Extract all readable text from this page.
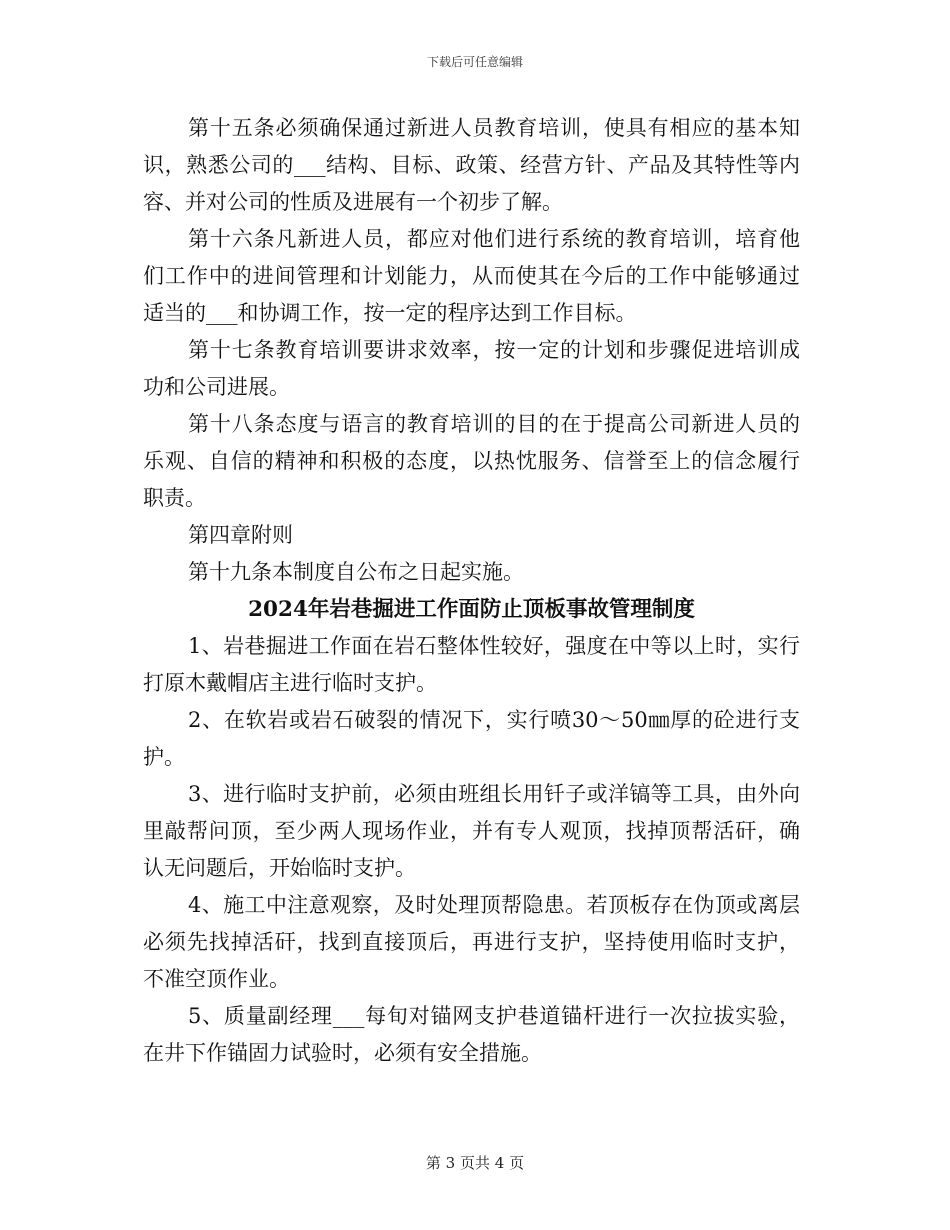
下载后可任意编辑
第十五条必须确保通过新进人员教育培训，使具有相应的基本知
识，熟悉公司的___结构、目标、政策、经营方针、产品及其特性等内
容、并对公司的性质及进展有一个初步了解。
第十六条凡新进人员，都应对他们进行系统的教育培训，培育他
们工作中的进间管理和计划能力，从而使其在今后的工作中能够通过
适当的___和协调工作，按一定的程序达到工作目标。
第十七条教育培训要讲求效率，按一定的计划和步骤促进培训成
功和公司进展。
第十八条态度与语言的教育培训的目的在于提高公司新进人员的
乐观、自信的精神和积极的态度，以热忱服务、信誉至上的信念履行
职责。
第四章附则
第十九条本制度自公布之日起实施。
2024年岩巷掘进工作面防止顶板事故管理制度
1、岩巷掘进工作面在岩石整体性较好，强度在中等以上时，实行
打原木戴帽店主进行临时支护。
2、在软岩或岩石破裂的情况下，实行喷30～50㎜厚的砼进行支
护。
3、进行临时支护前，必须由班组长用钎子或洋镐等工具，由外向
里敲帮问顶，至少两人现场作业，并有专人观顶，找掉顶帮活矸，确
认无问题后，开始临时支护。
4、施工中注意观察，及时处理顶帮隐患。若顶板存在伪顶或离层
必须先找掉活矸，找到直接顶后，再进行支护，坚持使用临时支护，
不准空顶作业。
5、质量副经理___每旬对锚网支护巷道锚杆进行一次拉拔实验，
在井下作锚固力试验时，必须有安全措施。
第 3 页共 4 页
